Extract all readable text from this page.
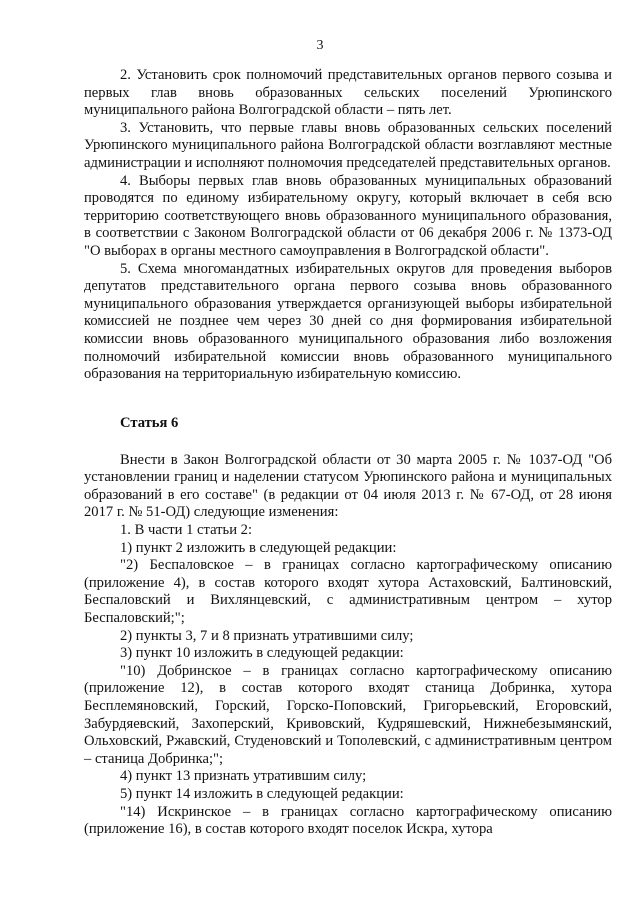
3

2. Установить срок полномочий представительных органов первого созыва и первых глав вновь образованных сельских поселений Урюпинского муниципального района Волгоградской области – пять лет.

3. Установить, что первые главы вновь образованных сельских поселений Урюпинского муниципального района Волгоградской области возглавляют местные администрации и исполняют полномочия председателей представительных органов.

4. Выборы первых глав вновь образованных муниципальных образований проводятся по единому избирательному округу, который включает в себя всю территорию соответствующего вновь образованного муниципального образования, в соответствии с Законом Волгоградской области от 06 декабря 2006 г. № 1373-ОД "О выборах в органы местного самоуправления в Волгоградской области".

5. Схема многомандатных избирательных округов для проведения выборов депутатов представительного органа первого созыва вновь образованного муниципального образования утверждается организующей выборы избирательной комиссией не позднее чем через 30 дней со дня формирования избирательной комиссии вновь образованного муниципального образования либо возложения полномочий избирательной комиссии вновь образованного муниципального образования на территориальную избирательную комиссию.

Статья 6

Внести в Закон Волгоградской области от 30 марта 2005 г. № 1037-ОД "Об установлении границ и наделении статусом Урюпинского района и муниципальных образований в его составе" (в редакции от 04 июля 2013 г. № 67-ОД, от 28 июня 2017 г. № 51-ОД) следующие изменения:

1. В части 1 статьи 2:

1) пункт 2 изложить в следующей редакции:

"2) Беспаловское – в границах согласно картографическому описанию (приложение 4), в состав которого входят хутора Астаховский, Балтиновский, Беспаловский и Вихлянцевский, с административным центром – хутор Беспаловский;";

2) пункты 3, 7 и 8 признать утратившими силу;

3) пункт 10 изложить в следующей редакции:

"10) Добринское – в границах согласно картографическому описанию (приложение 12), в состав которого входят станица Добринка, хутора Бесплемяновский, Горский, Горско-Поповский, Григорьевский, Егоровский, Забурдяевский, Захоперский, Кривовский, Кудряшевский, Нижнебезымянский, Ольховский, Ржавский, Студеновский и Тополевский, с административным центром – станица Добринка;";

4) пункт 13 признать утратившим силу;

5) пункт 14 изложить в следующей редакции:

"14) Искринское – в границах согласно картографическому описанию (приложение 16), в состав которого входят поселок Искра, хутора
